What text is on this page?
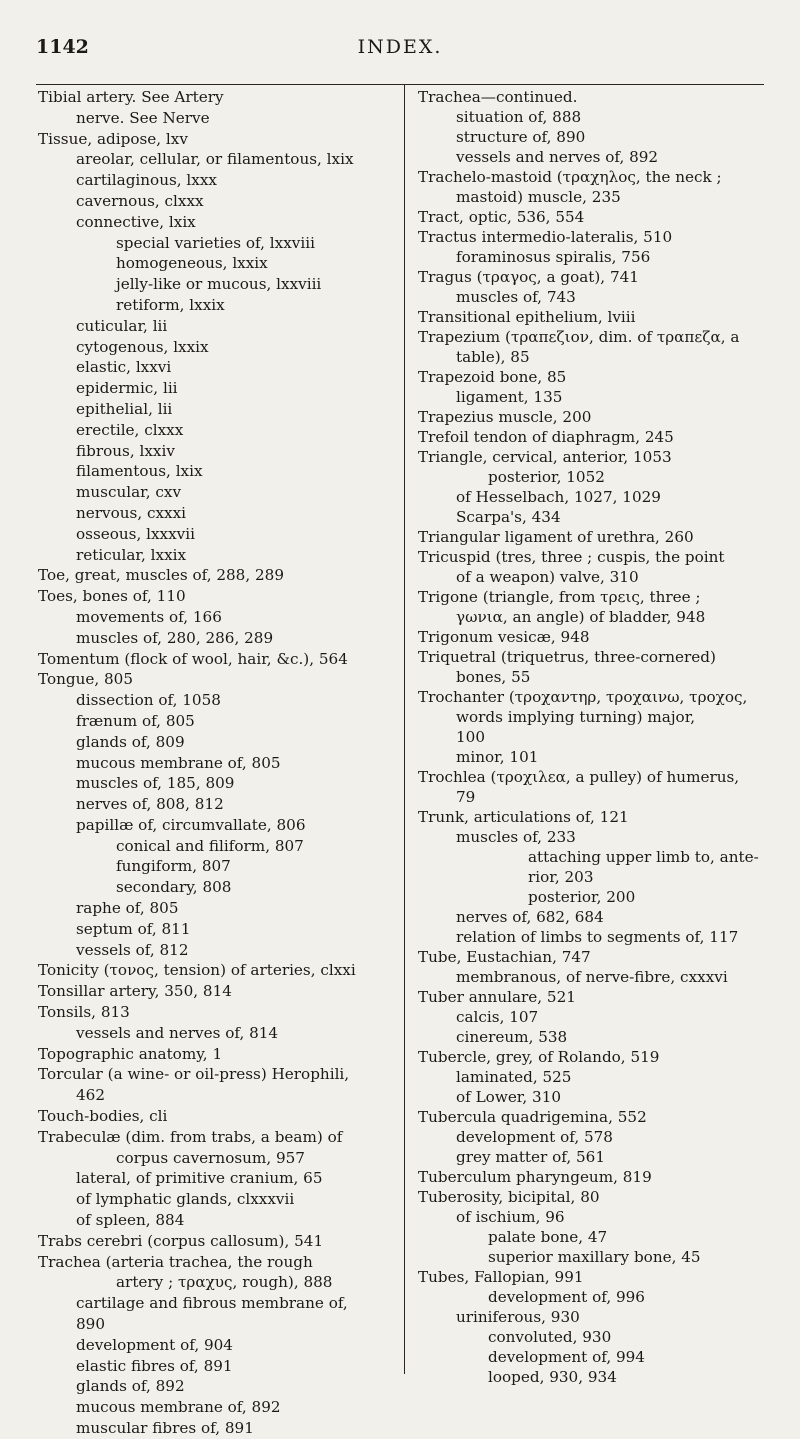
1142	INDEX.
Tibial artery. See Artery
nerve. See Nerve
Tissue, adipose, lxv
areolar, cellular, or filamentous, lxix
cartilaginous, lxxx
cavernous, clxxx
connective, lxix
special varieties of, lxxviii
homogeneous, lxxix
jelly-like or mucous, lxxviii
retiform, lxxix
cuticular, lii
cytogenous, lxxix
elastic, lxxvi
epidermic, lii
epithelial, lii
erectile, clxxx
fibrous, lxxiv
filamentous, lxix
muscular, cxv
nervous, cxxxi
osseous, lxxxvii
reticular, lxxix
Toe, great, muscles of, 288, 289
Toes, bones of, 110
movements of, 166
muscles of, 280, 286, 289
Tomentum (flock of wool, hair, &c.), 564
Tongue, 805
dissection of, 1058
frænum of, 805
glands of, 809
mucous membrane of, 805
muscles of, 185, 809
nerves of, 808, 812
papillæ of, circumvallate, 806
conical and filiform, 807
fungiform, 807
secondary, 808
raphe of, 805
septum of, 811
vessels of, 812
Tonicity (τονος, tension) of arteries, clxxi
Tonsillar artery, 350, 814
Tonsils, 813
vessels and nerves of, 814
Topographic anatomy, 1
Torcular (a wine- or oil-press) Herophili,
462
Touch-bodies, cli
Trabeculæ (dim. from trabs, a beam) of
corpus cavernosum, 957
lateral, of primitive cranium, 65
of lymphatic glands, clxxxvii
of spleen, 884
Trabs cerebri (corpus callosum), 541
Trachea (arteria trachea, the rough
artery ; τραχυς, rough), 888
cartilage and fibrous membrane of,
890
development of, 904
elastic fibres of, 891
glands of, 892
mucous membrane of, 892
muscular fibres of, 891
Trachea—continued.
situation of, 888
structure of, 890
vessels and nerves of, 892
Trachelo-mastoid (τραχηλος, the neck ;
mastoid) muscle, 235
Tract, optic, 536, 554
Tractus intermedio-lateralis, 510
foraminosus spiralis, 756
Tragus (τραγος, a goat), 741
muscles of, 743
Transitional epithelium, lviii
Trapezium (τραπεζιον, dim. of τραπεζα, a
table), 85
Trapezoid bone, 85
ligament, 135
Trapezius muscle, 200
Trefoil tendon of diaphragm, 245
Triangle, cervical, anterior, 1053
posterior, 1052
of Hesselbach, 1027, 1029
Scarpa's, 434
Triangular ligament of urethra, 260
Tricuspid (tres, three ; cuspis, the point
of a weapon) valve, 310
Trigone (triangle, from τρεις, three ;
γωνια, an angle) of bladder, 948
Trigonum vesicæ, 948
Triquetral (triquetrus, three-cornered)
bones, 55
Trochanter (τροχαντηρ, τροχαινω, τροχος,
words implying turning) major,
100
minor, 101
Trochlea (τροχιλεα, a pulley) of humerus,
79
Trunk, articulations of, 121
muscles of, 233
attaching upper limb to, ante-
rior, 203
posterior, 200
nerves of, 682, 684
relation of limbs to segments of, 117
Tube, Eustachian, 747
membranous, of nerve-fibre, cxxxvi
Tuber annulare, 521
calcis, 107
cinereum, 538
Tubercle, grey, of Rolando, 519
laminated, 525
of Lower, 310
Tubercula quadrigemina, 552
development of, 578
grey matter of, 561
Tuberculum pharyngeum, 819
Tuberosity, bicipital, 80
of ischium, 96
palate bone, 47
superior maxillary bone, 45
Tubes, Fallopian, 991
development of, 996
uriniferous, 930
convoluted, 930
development of, 994
looped, 930, 934
